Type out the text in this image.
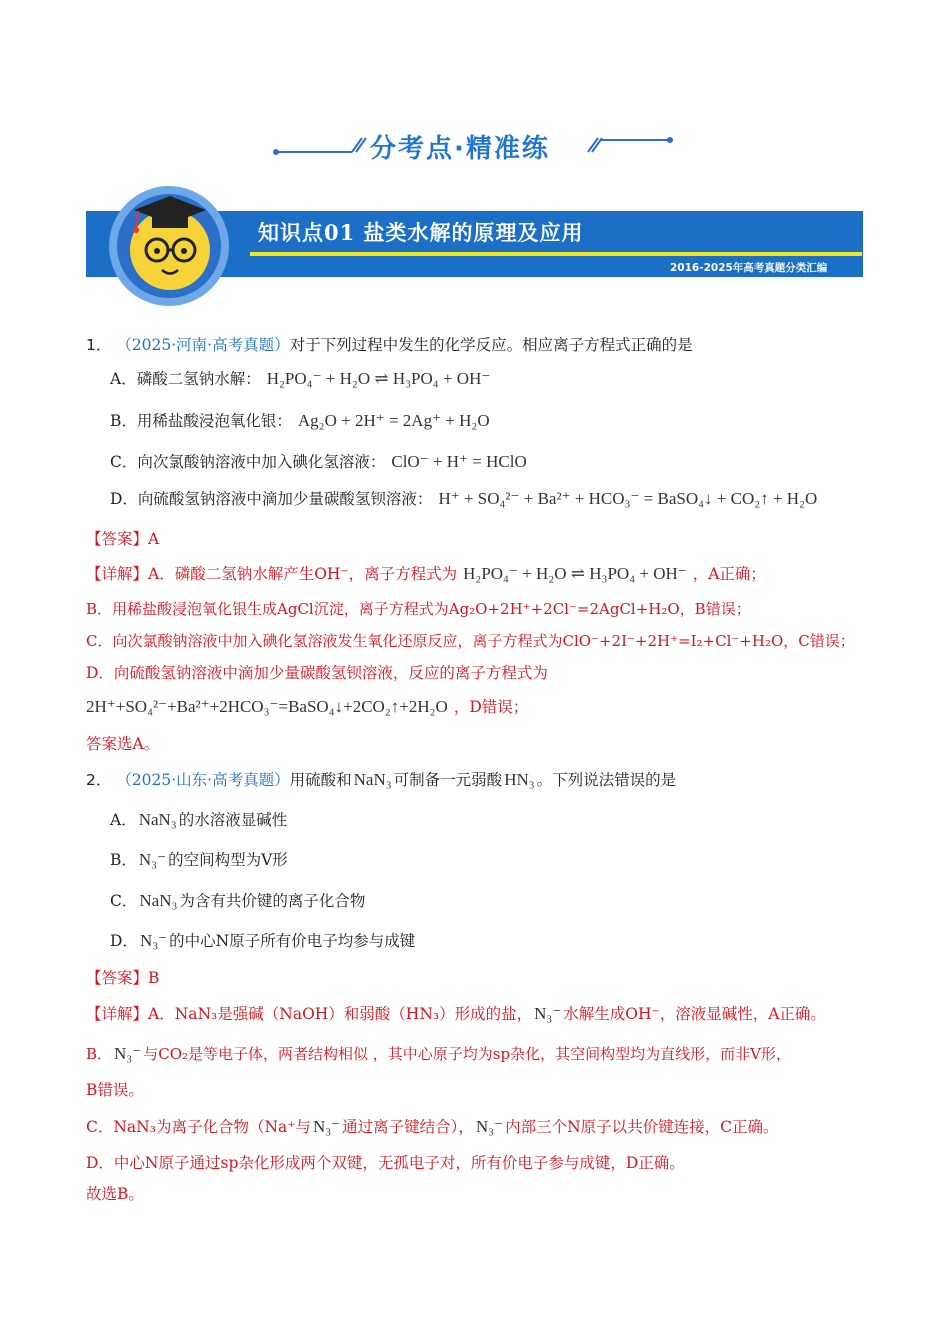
分考点·精准练
知识点01 盐类水解的原理及应用
2016-2025年高考真题分类汇编
1． （2025·河南·高考真题）对于下列过程中发生的化学反应。相应离子方程式正确的是
A．磷酸二氢钠水解： H₂PO₄⁻ + H₂O ⇌ H₃PO₄ + OH⁻
B．用稀盐酸浸泡氧化银： Ag₂O + 2H⁺ = 2Ag⁺ + H₂O
C．向次氯酸钠溶液中加入碘化氢溶液： ClO⁻ + H⁺ = HClO
D．向硫酸氢钠溶液中滴加少量碳酸氢钡溶液： H⁺ + SO₄²⁻ + Ba²⁺ + HCO₃⁻ = BaSO₄↓ + CO₂↑ + H₂O
【答案】A
【详解】A．磷酸二氢钠水解产生OH⁻，离子方程式为 H₂PO₄⁻ + H₂O ⇌ H₃PO₄ + OH⁻ ，A正确；
B．用稀盐酸浸泡氧化银生成AgCl沉淀，离子方程式为Ag₂O+2H⁺+2Cl⁻=2AgCl+H₂O，B错误；
C．向次氯酸钠溶液中加入碘化氢溶液发生氧化还原反应，离子方程式为ClO⁻+2I⁻+2H⁺=I₂+Cl⁻+H₂O，C错误；
D．向硫酸氢钠溶液中滴加少量碳酸氢钡溶液，反应的离子方程式为
2H⁺+SO₄²⁻+Ba²⁺+2HCO₃⁻=BaSO₄↓+2CO₂↑+2H₂O ，D错误；
答案选A。
2． （2025·山东·高考真题）用硫酸和 NaN₃ 可制备一元弱酸 HN₃ 。下列说法错误的是
A． NaN₃ 的水溶液显碱性
B． N₃⁻ 的空间构型为V形
C． NaN₃ 为含有共价键的离子化合物
D． N₃⁻ 的中心N原子所有价电子均参与成键
【答案】B
【详解】A．NaN₃是强碱（NaOH）和弱酸（HN₃）形成的盐， N₃⁻ 水解生成OH⁻，溶液显碱性，A正确。
B． N₃⁻ 与CO₂是等电子体，两者结构相似 ，其中心原子均为sp杂化，其空间构型均为直线形，而非V形，
B错误。
C．NaN₃为离子化合物（Na⁺与 N₃⁻ 通过离子键结合）， N₃⁻ 内部三个N原子以共价键连接，C正确。
D．中心N原子通过sp杂化形成两个双键，无孤电子对，所有价电子参与成键，D正确。
故选B。
